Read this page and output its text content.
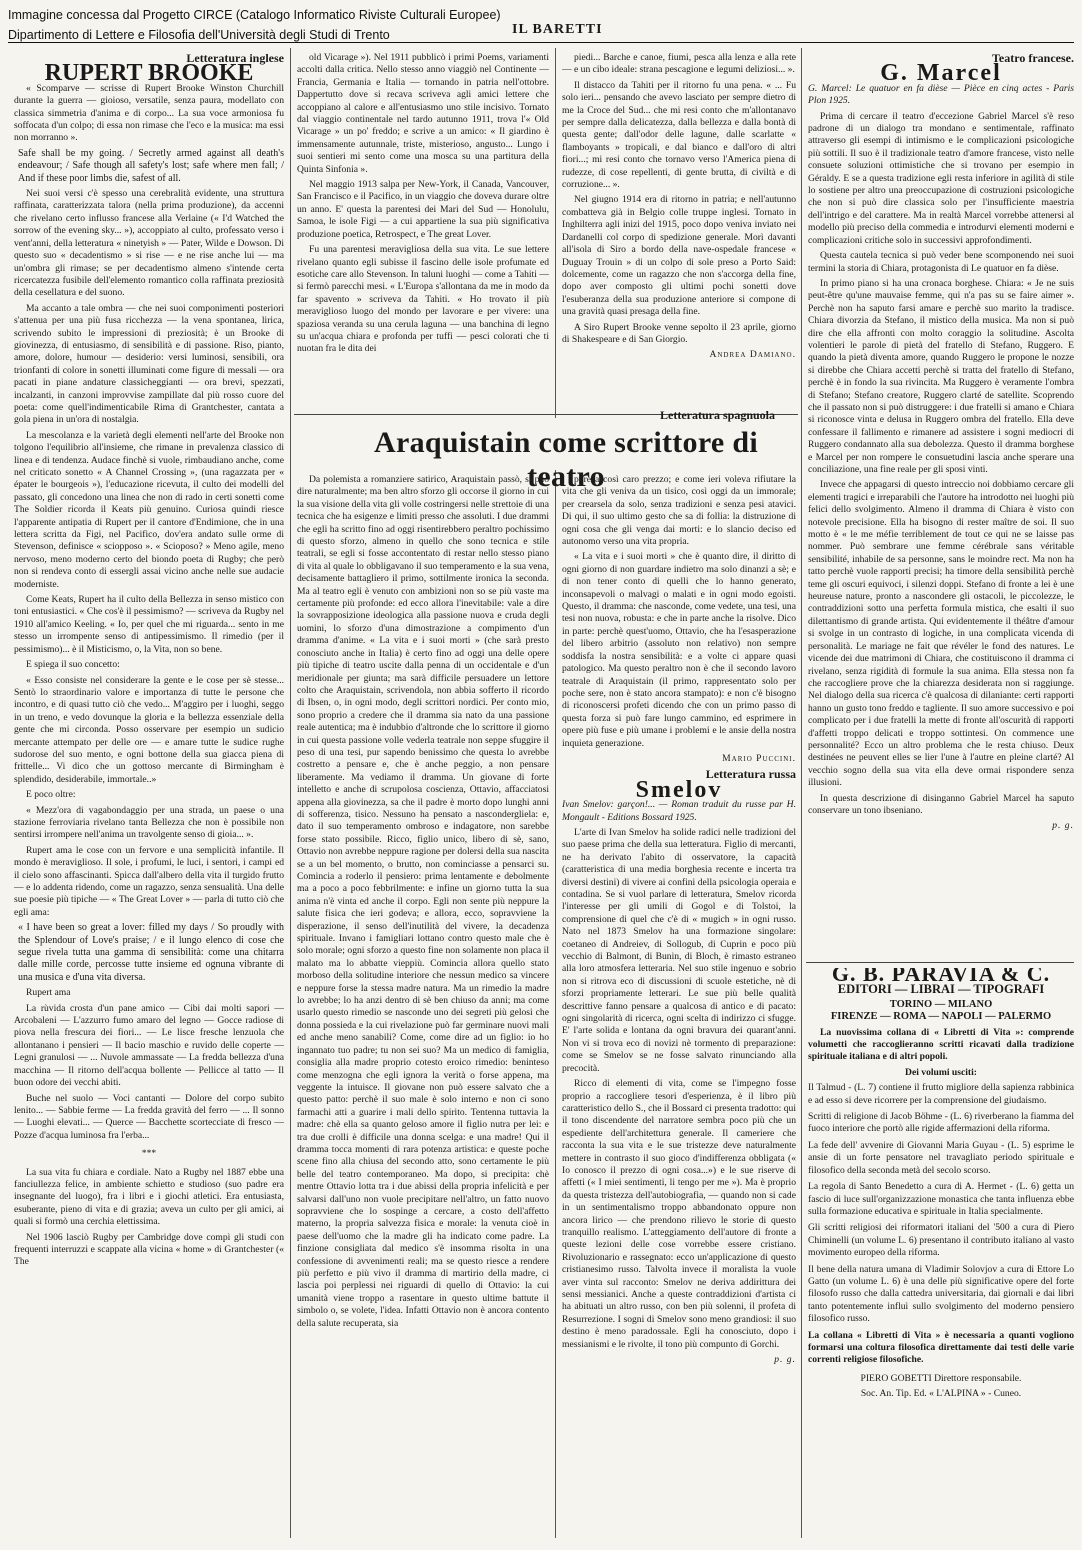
Immagine concessa dal Progetto CIRCE (Catalogo Informatico Riviste Culturali Europee)
Dipartimento di Lettere e Filosofia dell'Università degli Studi di Trento	IL BARETTI

Letteratura inglese

RUPERT BROOKE

« Scomparve — scrisse di Rupert Brooke Winston Churchill durante la guerra — gioioso, versatile, senza paura, modellato con classica simmetria d'anima e di corpo... La sua voce armoniosa fu soffocata d'un colpo; di essa non rimase che l'eco e la musica: ma essi non morranno ».

Safe shall be my going. / Secretly armed against all death's endeavour; / Safe though all safety's lost; safe where men fall; / And if these poor limbs die, safest of all.

Nei suoi versi c'è spesso una cerebralità evidente, una struttura raffinata, caratterizzata talora (nella prima produzione), da accenni che rivelano certo influsso francese alla Verlaine (« I'd Watched the sorrow of the evening sky... »), accoppiato al culto, professato verso i vent'anni, della letteratura « ninetyish » — Pater, Wilde e Dowson. Di questo suo « decadentismo » si rise — e ne rise anche lui — ma un'ombra gli rimase; se per decadentismo almeno s'intende certa ricercatezza fusibile dell'elemento romantico colla raffinata preziosità della cesellatura e del suono.

Ma accanto a tale ombra — che nei suoi componimenti posteriori s'attenua per una più fusa ricchezza — la vena spontanea, lirica, scrivendo subito le impressioni di preziosità; è un Brooke di giovinezza, di entusiasmo, di sensibilità e di passione. Riso, pianto, amore, dolore, humour — desiderio: versi luminosi, sensibili, ora trionfanti di colore in sonetti illuminati come figure di messali — ora pacati in piane andature classicheggianti — ora brevi, spezzati, incalzanti, in canzoni improvvise zampillate dal più rosso cuore del poeta: come quell'indimenticabile Rima di Grantchester, cantata a gola piena in un'ora di nostalgia.

La mescolanza e la varietà degli elementi nell'arte del Brooke non tolgono l'equilibrio all'insieme, che rimane in prevalenza classico di linea e di tendenza. Audace finchè si vuole, rimbaudiano anche, come nel criticato sonetto « A Channel Crossing », (una ragazzata per « épater le bourgeois »), l'educazione ricevuta, il culto dei modelli del passato, gli concedono una linea che non di rado in certi sonetti come The Soldier ricorda il Keats più genuino. Curiosa quindi riesce l'apparente antipatia di Rupert per il cantore d'Endimione, che in una lettera scritta da Figi, nel Pacifico, dov'era andato sulle orme di Stevenson, definisce « sciopposo ». « Scioposo? » Meno agile, meno nervoso, meno moderno certo del biondo poeta di Rugby; che però non si rendeva conto di essergli assai vicino anche nelle sue audacie moderniste.

Come Keats, Rupert ha il culto della Bellezza in senso mistico con toni entusiastici. « Che cos'è il pessimismo? — scriveva da Rugby nel 1910 all'amico Keeling. « Io, per quel che mi riguarda... sento in me stesso un irrompente senso di antipessimismo. Il rimedio (per il pessimismo)... è il Misticismo, o, la Vita, non so bene.

E spiega il suo concetto:

« Esso consiste nel considerare la gente e le cose per sè stesse... Sentò lo straordinario valore e importanza di tutte le persone che incontro, e di quasi tutto ciò che vedo... M'aggiro per i luoghi, seggo in un treno, e vedo dovunque la gloria e la bellezza essenziale della gente che mi circonda. Posso osservare per esempio un sudicio mercante attempato per delle ore — e amare tutte le sudice rughe sudorose del suo mento, e ogni bottone della sua giacca piena di frittelle... Vi dico che un gottoso mercante di Birmingham è splendido, desiderabile, immortale..»

E poco oltre:

« Mezz'ora di vagabondaggio per una strada, un paese o una stazione ferroviaria rivelano tanta Bellezza che non è possibile non sentirsi irrompere nell'anima un travolgente senso di gioia... ».

Rupert ama le cose con un fervore e una semplicità infantile. Il mondo è meraviglioso. Il sole, i profumi, le luci, i sentori, i campi ed il cielo sono affascinanti. Spicca dall'albero della vita il turgido frutto — e lo addenta ridendo, come un ragazzo, senza sensualità. Una delle sue poesie più tipiche — « The Great Lover » — parla di tutto ciò che egli ama:

« I have been so great a lover: filled my days / So proudly with the Splendour of Love's praise; / e il lungo elenco di cose che segue rivela tutta una gamma di sensibilità: come una chitarra dalle mille corde, percosse tutte insieme ed ognuna vibrante di una musica e d'una vita diversa.

Rupert ama

La rùvida crosta d'un pane amico — Cibi dai molti sapori — Arcobaleni — L'azzurro fumo amaro del legno — Gocce radiose di piova nella frescura dei fiori... — Le lisce fresche lenzuola che allontanano i pensieri — Il bacio maschio e ruvido delle coperte — Legni granulosi — ... Nuvole ammassate — La fredda bellezza d'una macchina — Il ritorno dell'acqua bollente — Pellicce al tatto — Il buon odore dei vecchi abiti.

Buche nel suolo — Voci cantanti — Dolore del corpo subito lenito... — Sabbie ferme — La fredda gravità del ferro — ... Il sonno — Luoghi elevati... — Querce — Bacchette scortecciate di fresco — Pozze d'acqua luminosa fra l'erba...

***

La sua vita fu chiara e cordiale. Nato a Rugby nel 1887 ebbe una fanciullezza felice, in ambiente schietto e studioso (suo padre era insegnante del luogo), fra i libri e i giochi atletici. Era entusiasta, esuberante, pieno di vita e di grazia; aveva un culto per gli amici, ai quali si formò una cerchia elettissima.

Nel 1906 lasciò Rugby per Cambridge dove compì gli studi con frequenti interruzzi e scappate alla vicina « home » di Grantchester (« The

old Vicarage »). Nel 1911 pubblicò i primi Poems, variamenti accolti dalla critica. Nello stesso anno viaggiò nel Continente — Francia, Germania e Italia — tornando in patria nell'ottobre. Dappertutto dove si recava scriveva agli amici lettere che accoppiano al calore e all'entusiasmo uno stile incisivo. Tornato dal viaggio continentale nel tardo autunno 1911, trova l'« Old Vicarage » un po' freddo; e scrive a un amico: « Il giardino è immensamente autunnale, triste, misterioso, angusto... Lungo i suoi sentieri mi sento come una mosca su una partitura della Quinta Sinfonia ».

Nel maggio 1913 salpa per New-York, il Canada, Vancouver, San Francisco e il Pacifico, in un viaggio che doveva durare oltre un anno. E' questa la parentesi dei Mari del Sud — Honolulu, Samoa, le isole Figi — a cui appartiene la sua più significativa produzione poetica, Retrospect, e The great Lover.

Fu una parentesi meravigliosa della sua vita. Le sue lettere rivelano quanto egli subisse il fascino delle isole profumate ed esotiche care allo Stevenson. In taluni luoghi — come a Tahiti — si fermò parecchi mesi. « L'Europa s'allontana da me in modo da far spavento » scriveva da Tahiti. « Ho trovato il più meraviglioso luogo del mondo per lavorare e per vivere: una spaziosa veranda su una cerula laguna — una banchina di legno su un'acqua chiara e profonda per tuffi — pesci colorati che ti nuotan fra le dita dei

piedi... Barche e canoe, fiumi, pesca alla lenza e alla rete — e un cibo ideale: strana pescagione e legumi deliziosi... ».

Il distacco da Tahiti per il ritorno fu una pena. « ... Fu solo ieri... pensando che avevo lasciato per sempre dietro di me la Croce del Sud... che mi resi conto che m'allontanavo per sempre dalla delicatezza, dalla bellezza e dalla bontà di questa gente; dall'odor delle lagune, dalle scarlatte « flamboyants » tropicali, e dal bianco e dall'oro di altri fiori...; mi resi conto che tornavo verso l'America piena di rudezze, di cose repellenti, di gente brutta, di civiltà e di corruzione... ».

Nel giugno 1914 era di ritorno in patria; e nell'autunno combatteva già in Belgio colle truppe inglesi. Tornato in Inghilterra agli inizi del 1915, poco dopo veniva inviato nei Dardanelli col corpo di spedizione generale. Morì davanti all'isola di Siro a bordo della nave-ospedale francese « Duguay Trouin » di un colpo di sole preso a Porto Said: dolcemente, come un ragazzo che non s'accorga della fine, dopo aver composto gli ultimi pochi sonetti dove l'esuberanza della sua produzione anteriore si compone di una gravità quasi presaga della fine.

A Siro Rupert Brooke venne sepolto il 23 aprile, giorno di Shakespeare e di San Giorgio.

Andrea Damiano.

Letteratura spagnuola
Araquistain come scrittore di teatro

Da polemista a romanziere satirico, Araquistain passò, si può dire naturalmente; ma ben altro sforzo gli occorse il giorno in cui la sua visione della vita gli volle costringersi nelle strettoie di una tecnica che ha esigenze e limiti presso che assoluti. I due drammi che egli ha scritto fino ad oggi risentirebbero peraltro pochissimo di questo sforzo, almeno in quello che sono tecnica e stile teatrali, se egli si fosse accontentato di restar nello stesso piano di vita al quale lo obbligavano il suo temperamento e la sua vena, decisamente battagliero il primo, sottilmente ironica la seconda. Ma al teatro egli è venuto con ambizioni non so se più vaste ma certamente più profonde: ed ecco allora l'inevitabile: vale a dire la sovrapposizione ideologica alla passione nuova e cruda degli uomini, lo sforzo d'una dimostrazione a compimento d'un dramma d'anime. « La vita e i suoi morti » (che sarà presto conosciuto anche in Italia) è certo fino ad oggi una delle opere più tipiche di teatro uscite dalla penna di un occidentale e d'un meridionale per giunta; ma sarà difficile persuadere un lettore colto che Araquistain, scrivendola, non abbia sofferto il ricordo di Ibsen, o, in ogni modo, degli scrittori nordici. Per conto mio, sono proprio a credere che il dramma sia nato da una passione reale autentica; ma è indubbio d'altronde che lo scrittore il giorno in cui questa passione volle vederla teatrale non seppe sfuggire il peso di una tesi, pur sapendo benissimo che questa lo avrebbe costretto a pensare e, che è anche peggio, a non pensare liberamente. Ma vediamo il dramma. Un giovane di forte intelletto e anche di scrupolosa coscienza, Ottavio, affacciatosi appena alla giovinezza, sa che il padre è morto dopo lunghi anni di sofferenza, tisico. Nessuno ha pensato a nascondergliela: e, dato il suo temperamento ombroso e indagatore, non sarebbe forse stato possibile. Ricco, figlio unico, libero di sè, sano, Ottavio non avrebbe neppure ragione per dolersi della sua nascita se a un bel momento, o brutto, non cominciasse a pensarci su. Comincia a roderlo il pensiero: prima lentamente e debolmente ma a poco a poco febbrilmente: e infine un giorno tutta la sua anima n'è vinta ed anche il corpo. Egli non sente più neppure la salute fisica che ieri godeva; e allora, ecco, sopravviene la disperazione, il senso dell'inutilità del vivere, la decadenza spirituale. Invano i famigliari lottano contro questo male che è solo morale; ogni sforzo a questo fine non solamente non placa il malato ma lo abbatte vieppiù. Comincia allora quello stato morboso della solitudine interiore che nessun medico sa vincere e neppure forse la stessa madre natura. Ma un rimedio la madre lo avrebbe; lo ha anzi dentro di sè ben chiuso da anni; ma come usarlo questo rimedio se nasconde uno dei segreti più gelosi che donna possieda e la cui rivelazione può far germinare nuovi mali ed anche meno sanabili? Come, come dire ad un figlio: io ho ingannato tuo padre; tu non sei suo? Ma un medico di famiglia, consiglia alla madre proprio cotesto eroico rimedio: beninteso come menzogna che egli ignora la verità o forse appena, ma veggente la intuisce. Il giovane non può essere salvato che a questo patto: perchè il suo male è solo interno e non ci sono farmachi atti a guarire i mali dello spirito. Tentenna tuttavia la madre: chè ella sa quanto geloso amore il figlio nutra per lei: e tra due crolli è difficile una donna scelga: e una madre! Qui il dramma tocca momenti di rara potenza artistica: e queste poche scene fino alla chiusa del secondo atto, sono certamente le più belle del teatro contemporaneo. Ma dopo, si precipita: chè mentre Ottavio lotta tra i due abissi della propria infelicità e per salvarsi dall'uno non vuole precipitare nell'altro, un fatto nuovo sopravviene che lo sospinge a cercare, a costo dell'affetto materno, la propria salvezza fisica e morale: la venuta cioè in paese dell'uomo che la madre gli ha indicato come padre. La finzione consigliata dal medico s'è insomma risolta in una confessione di avvenimenti reali; ma se questo riesce a rendere più perfetto e più vivo il dramma di martirio della madre, ci lascia poi perplessi nei riguardi di quello di Ottavio: la cui umanità viene troppo a rasentare in questo ultime battute il simbolo o, se volete, l'idea. Infatti Ottavio non è ancora contento della salute recuperata, sia

pure a così caro prezzo; e come ieri voleva rifiutare la vita che gli veniva da un tisico, così oggi da un immorale; per crearsela da solo, senza tradizioni e senza pesi atavici. Di qui, il suo ultimo gesto che sa di follia: la distruzione di ogni cosa che gli venga dai morti: e lo slancio deciso ed autonomo verso una vita propria.

« La vita e i suoi morti » che è quanto dire, il diritto di ogni giorno di non guardare indietro ma solo dinanzi a sè; e di non tener conto di quelli che lo hanno generato, inconsapevoli o malvagi o malati e in ogni modo egoisti. Questo, il dramma: che nasconde, come vedete, una tesi, una tesi non nuova, robusta: e che in parte anche la risolve. Dico in parte: perchè quest'uomo, Ottavio, che ha l'esasperazione del libero arbitrio (assoluto non relativo) non sempre soddisfa la nostra sensibilità: e a volte ci appare quasi patologico. Ma questo peraltro non è che il secondo lavoro teatrale di Araquistain (il primo, rappresentato solo per poche sere, non è stato ancora stampato): e non c'è bisogno di riconoscersi profeti dicendo che con un primo passo di questa forza si può fare lungo cammino, ed esprimere in opere più fuse e più umane i problemi e le ansie della nostra inquieta generazione.

Mario Puccini.

Letteratura russa

Smelov

Ivan Smelov: garçon!... — Roman traduit du russe par H. Mongault - Editions Bossard 1925.

L'arte di Ivan Smelov ha solide radici nelle tradizioni del suo paese prima che della sua letteratura. Figlio di mercanti, ne ha derivato l'abito di osservatore, la capacità (caratteristica di una media borghesia recente e incerta tra diversi destini) di vivere ai confini della psicologia operaia e contadina. Se si vuol parlare di letteratura, Smelov ricorda l'interesse per gli umili di Gogol e di Tolstoi, la comprensione di quel che c'è di « mugich » in ogni russo. Nato nel 1873 Smelov ha una formazione singolare: coetaneo di Andreiev, di Sollogub, di Cuprin e poco più vecchio di Balmont, di Bunin, di Bloch, è rimasto estraneo alla loro atmosfera letteraria. Nel suo stile ingenuo e sobrio non si ritrova eco di discussioni di scuole estetiche, nè di sforzi propriamente letterari. Le sue più belle qualità descrittive fanno pensare a qualcosa di antico e di pacato: ogni singolarità di ricerca, ogni scelta di indirizzo ci sfugge. E' l'arte solida e lontana da ogni bravura dei quarant'anni. Non vi si trova eco di novizi nè tormento di preparazione: come se Smelov se ne fosse salvato rinunciando alla precocità.

Ricco di elementi di vita, come se l'impegno fosse proprio a raccogliere tesori d'esperienza, è il libro più caratteristico dello S., che il Bossard ci presenta tradotto: qui il tono discendente del narratore sembra poco più che un espediente dell'architettura generale. Il cameriere che racconta la sua vita e le sue tristezze deve naturalmente mettere in contrasto il suo gioco d'indifferenza obbligata (« Io conosco il prezzo di ogni cosa...») e le sue riserve di affetti (« I miei sentimenti, li tengo per me »). Ma è proprio da questa tristezza dell'autobiografia, — quando non si cade in un sentimentalismo troppo abbandonato oppure non ancora lirico — che prendono rilievo le storie di questo tranquillo realismo. L'atteggiamento dell'autore di fronte a queste lezioni delle cose vorrebbe essere cristiano. Rivoluzionario e rassegnato: ecco un'applicazione di questo cristianesimo russo. Talvolta invece il moralista la vuole aver vinta sul racconto: Smelov ne deriva addirittura dei sensi messianici. Anche a queste contraddizioni d'artista ci ha abituati un altro russo, con ben più solenni, il profeta di Resurrezione. I sogni di Smelov sono meno grandiosi: il suo destino è meno paradossale. Egli ha conosciuto, dopo i messianismi e le rivolte, il tono più compunto di Gorchi.

p. g.

Teatro francese.

G. Marcel

G. Marcel: Le quatuor en fa dièse — Pièce en cinq actes - Paris Plon 1925.

Prima di cercare il teatro d'eccezione Gabriel Marcel s'è reso padrone di un dialogo tra mondano e sentimentale, raffinato attraverso gli esempi di intimismo e le complicazioni psicologiche più sottili. Il suo è il tradizionale teatro d'amore francese, visto nelle consuete soluzioni ottimistiche che si trovano per esempio in Géraldy. E se a questa tradizione egli resta inferiore in agilità di stile lo sostiene per altro una preoccupazione di costruzioni psicologiche che non si può dire classica solo per l'insufficiente maestria dell'intrigo e del carattere. Ma in realtà Marcel vorrebbe attenersi al modello più preciso della commedia e introdurvi elementi moderni e complicazioni critiche solo in successivi approfondimenti.

Questa cautela tecnica si può veder bene scomponendo nei suoi termini la storia di Chiara, protagonista di Le quatuor en fa dièse.

In primo piano si ha una cronaca borghese. Chiara: « Je ne suis peut-être qu'une mauvaise femme, qui n'a pas su se faire aimer ». Perchè non ha saputo farsi amare e perchè suo marito la tradisce. Chiara divorzia da Stefano, il mistico della musica. Ma non si può dire che ella affronti con molto coraggio la solitudine. Ascolta volentieri le parole di pietà del fratello di Stefano, Ruggero. E quando la pietà diventa amore, quando Ruggero le propone le nozze si direbbe che Chiara accetti perchè si tratta del fratello di Stefano, perchè è in fondo la sua rivincita. Ma Ruggero è veramente l'ombra di Stefano; Stefano creatore, Ruggero clarté de satellite. Scoprendo che il passato non si può distruggere: i due fratelli si amano e Chiara si riconosce vinta e delusa in Ruggero ombra del fratello. Ella deve confessare il fallimento e rimanere ad assistere i sogni mediocri di Ruggero condannato alla sua debolezza. Questo il dramma borghese e Marcel per non rompere le consuetudini lascia anche sperare una conciliazione, una fine reale per gli sposi vinti.

Invece che appagarsi di questo intreccio noi dobbiamo cercare gli elementi tragici e irreparabili che l'autore ha introdotto nei luoghi più felici dello svolgimento. Almeno il dramma di Chiara è visto con notevole precisione. Ella ha bisogno di rester maître de soi. Il suo motto è « le me méfie terriblement de tout ce qui ne se laisse pas nommer. Può sembrare une femme cérébrale sans véritable sensibilité, inhabile de sa personne, sans le moindre rect. Ma non ha tatto perchè vuole rapporti precisi; ha timore della sensibilità perchè teme gli oscuri equivoci, i silenzi doppi. Stefano di fronte a lei è une heureuse nature, pronto a nascondere gli ostacoli, le piccolezze, le contraddizioni sotto una perfetta formula mistica, che esalti il suo dilettantismo di grande artista. Qui evidentemente il théâtre d'amour si svolge in un contrasto di logiche, in una complicata vicenda di personalità. Le mariage ne fait que révéler le fond des natures. Le vicende dei due matrimoni di Chiara, che costituiscono il dramma ci rivelano, senza rigidità di formule la sua anima. Ella stessa non fa che raccogliere prove che la chiarezza desiderata non si raggiunge. Nel dialogo della sua ricerca c'è qualcosa di dilaniante: certi rapporti hanno un gusto tono freddo e tagliente. Il suo amore successivo e poi complicato per i due fratelli la mette di fronte all'oscurità di rapporti d'affetti troppo delicati e troppo sottintesi. On commence une personnalité? Ecco un altro problema che le resta chiuso. Deux destinées ne peuvent elles se lier l'une à l'autre en pleine clarté? Al vecchio sogno della sua vita ella deve ormai rispondere senza illusioni.

In questa descrizione di disinganno Gabriel Marcel ha saputo conservare un tono ibseniano.

p. g.

G. B. PARAVIA & C.

EDITORI — LIBRAI — TIPOGRAFI

TORINO — MILANO

FIRENZE — ROMA — NAPOLI — PALERMO

La nuovissima collana di « Libretti di Vita »: comprende volumetti che raccoglieranno scritti ricavati dalla tradizione spirituale italiana e di altri popoli.

Dei volumi usciti:

Il Talmud - (L. 7) contiene il frutto migliore della sapienza rabbinica e ad esso si deve ricorrere per la comprensione del giudaismo.

Scritti di religione di Jacob Böhme - (L. 6) riverberano la fiamma del fuoco interiore che portò alle rigide affermazioni della riforma.

La fede dell' avvenire di Giovanni Maria Guyau - (L. 5) esprime le ansie di un forte pensatore nel travagliato periodo spirituale e filosofico della seconda metà del secolo scorso.

La regola di Santo Benedetto a cura di A. Hermet - (L. 6) getta un fascio di luce sull'organizzazione monastica che tanta influenza ebbe sulla formazione educativa e spirituale in Italia specialmente.

Gli scritti religiosi dei riformatori italiani del '500 a cura di Piero Chiminelli (un volume L. 6) presentano il contributo italiano al vasto movimento europeo della riforma.

Il bene della natura umana di Vladimir Solovjov a cura di Ettore Lo Gatto (un volume L. 6) è una delle più significative opere del forte filosofo russo che dalla cattedra universitaria, dai giornali e dai libri tanto potentemente influì sullo svolgimento del moderno pensiero filosofico russo.

La collana « Libretti di Vita » è necessaria a quanti vogliono formarsi una coltura filosofica direttamente dai testi delle varie correnti religiose filosofiche.

PIERO GOBETTI Direttore responsabile.

Soc. An. Tip. Ed. « L'ALPINA » - Cuneo.
